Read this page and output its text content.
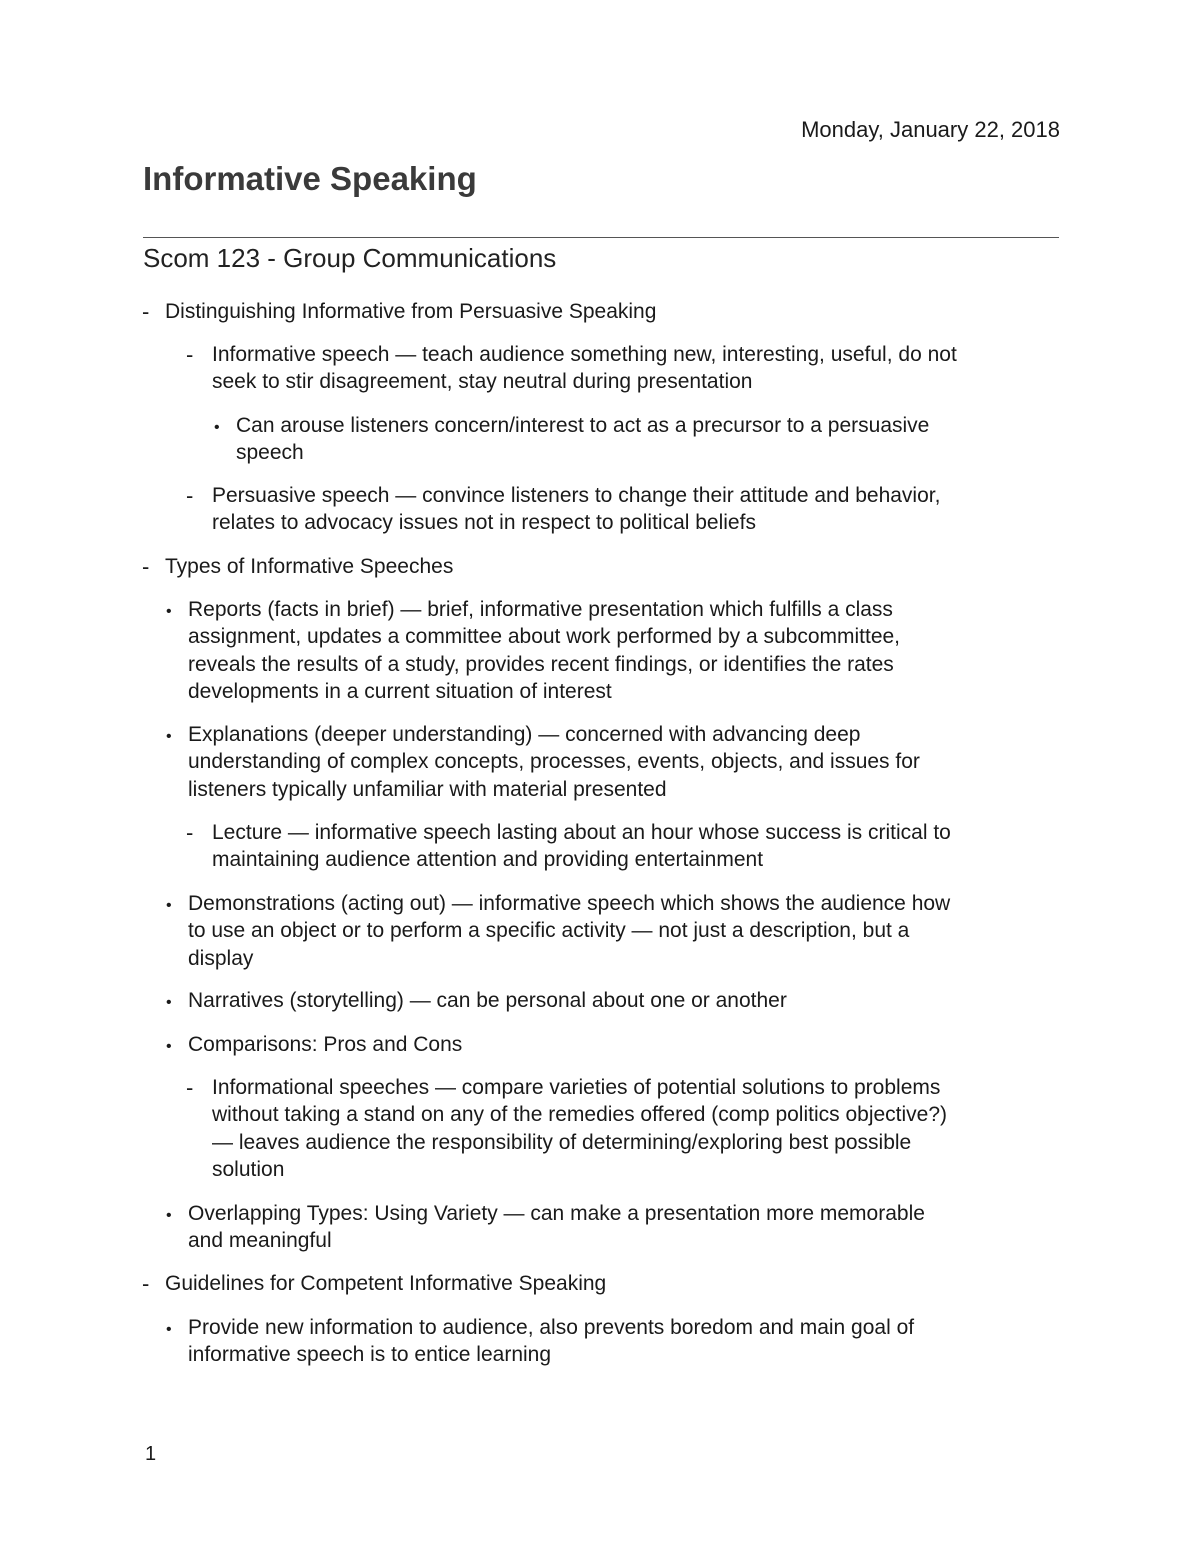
Monday, January 22, 2018
Informative Speaking
Scom 123 - Group Communications
- Distinguishing Informative from Persuasive Speaking
- Informative speech — teach audience something new, interesting, useful, do not
seek to stir disagreement, stay neutral during presentation
• Can arouse listeners concern/interest to act as a precursor to a persuasive
speech
- Persuasive speech — convince listeners to change their attitude and behavior,
relates to advocacy issues not in respect to political beliefs
- Types of Informative Speeches
• Reports (facts in brief) — brief, informative presentation which fulfills a class
assignment, updates a committee about work performed by a subcommittee,
reveals the results of a study, provides recent findings, or identifies the rates
developments in a current situation of interest
• Explanations (deeper understanding) — concerned with advancing deep
understanding of complex concepts, processes, events, objects, and issues for
listeners typically unfamiliar with material presented
- Lecture — informative speech lasting about an hour whose success is critical to
maintaining audience attention and providing entertainment
• Demonstrations (acting out) — informative speech which shows the audience how
to use an object or to perform a specific activity — not just a description, but a
display
• Narratives (storytelling) — can be personal about one or another
• Comparisons: Pros and Cons
- Informational speeches — compare varieties of potential solutions to problems
without taking a stand on any of the remedies offered (comp politics objective?)
— leaves audience the responsibility of determining/exploring best possible
solution
• Overlapping Types: Using Variety — can make a presentation more memorable
and meaningful
- Guidelines for Competent Informative Speaking
• Provide new information to audience, also prevents boredom and main goal of
informative speech is to entice learning
1
